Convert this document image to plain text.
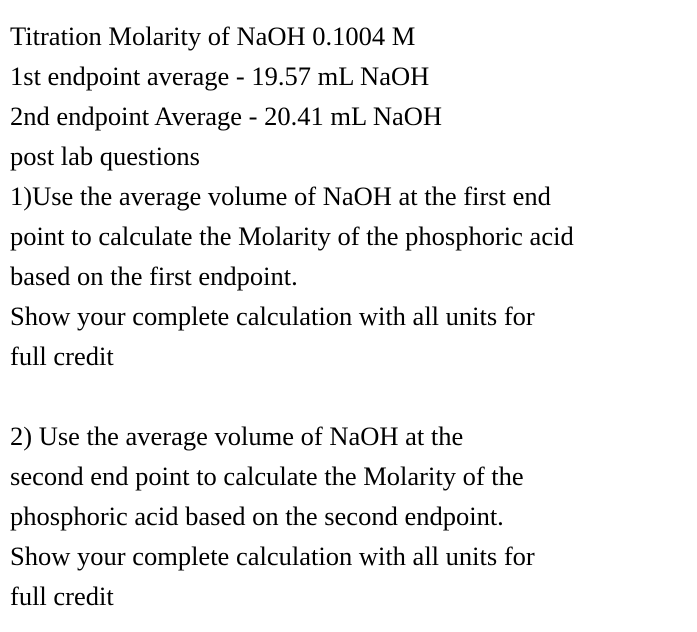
Titration Molarity of NaOH 0.1004 M
1st endpoint average - 19.57 mL NaOH
2nd endpoint Average - 20.41 mL NaOH
post lab questions
1)Use the average volume of NaOH at the first end
point to calculate the Molarity of the phosphoric acid
based on the first endpoint.
Show your complete calculation with all units for
full credit
2) Use the average volume of NaOH at the
second end point to calculate the Molarity of the
phosphoric acid based on the second endpoint.
Show your complete calculation with all units for
full credit
